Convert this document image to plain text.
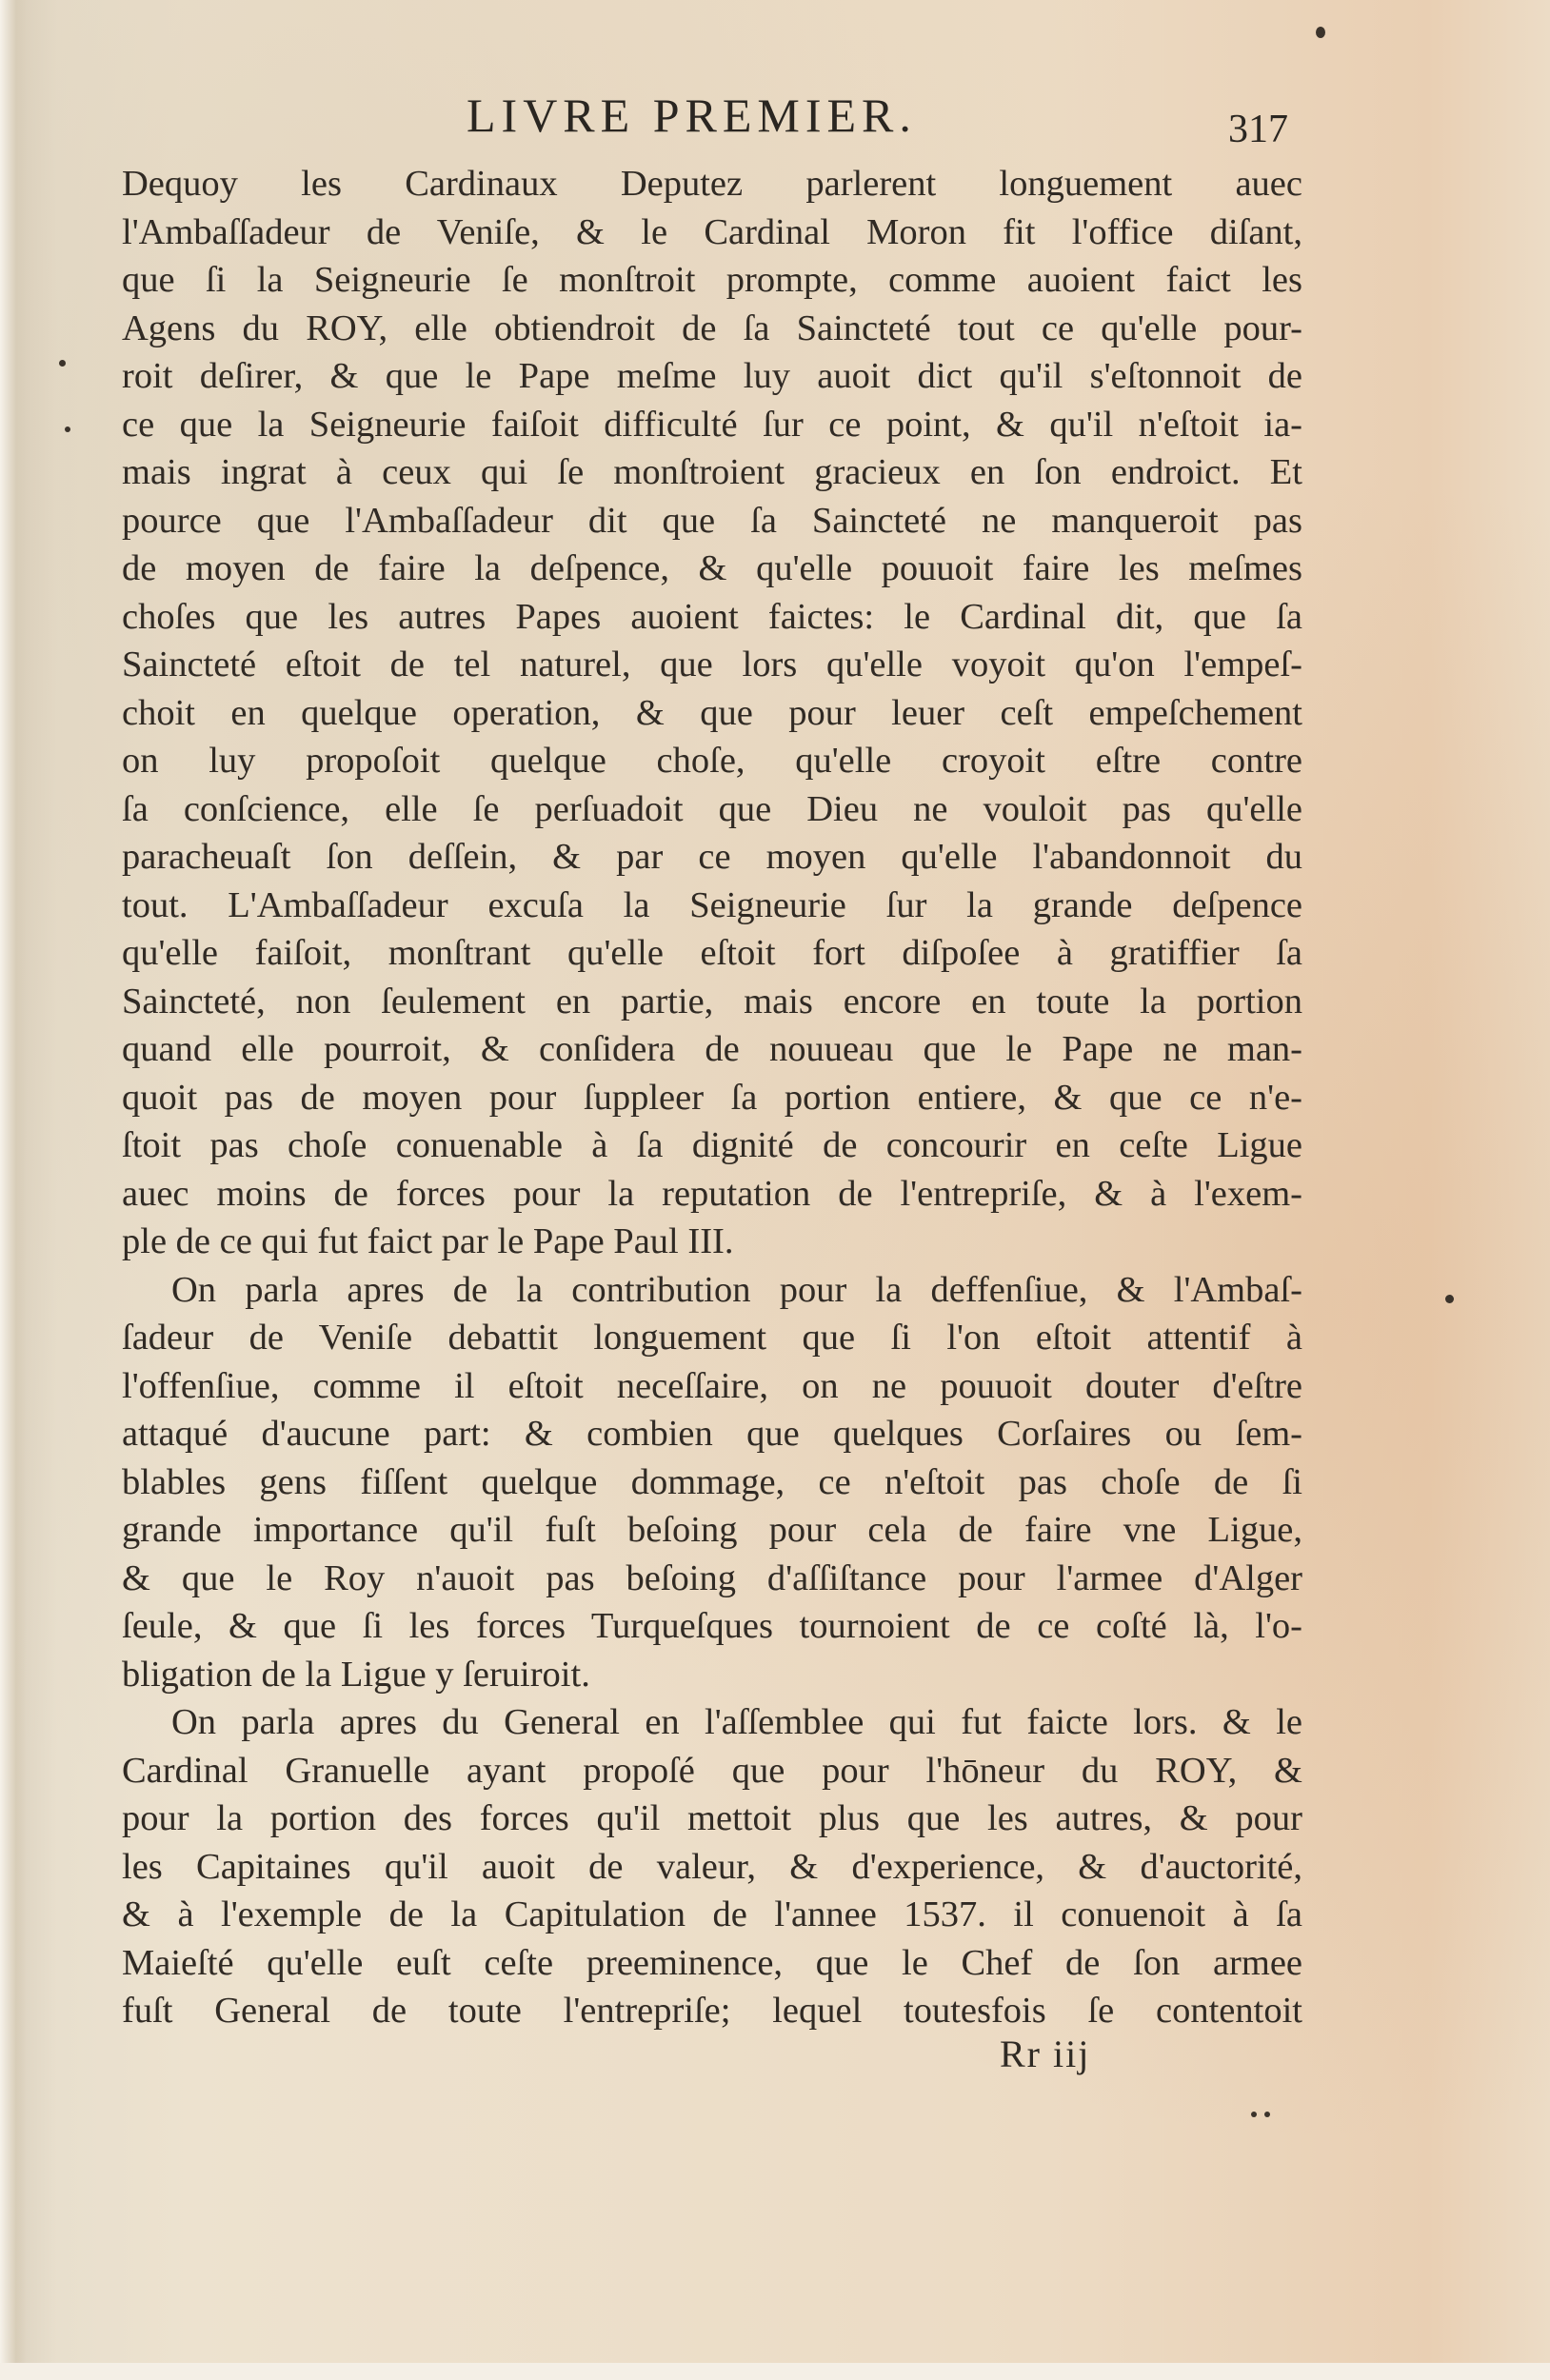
LIVRE PREMIER.	317
Dequoy les Cardinaux Deputez parlerent longuement auec
l'Ambaſſadeur de Veniſe, & le Cardinal Moron fit l'office diſant,
que ſi la Seigneurie ſe monſtroit prompte, comme auoient faict les
Agens du ROY, elle obtiendroit de ſa Saincteté tout ce qu'elle pour-
roit deſirer, & que le Pape meſme luy auoit dict qu'il s'eſtonnoit de
ce que la Seigneurie faiſoit difficulté ſur ce point, & qu'il n'eſtoit ia-
mais ingrat à ceux qui ſe monſtroient gracieux en ſon endroict. Et
pource que l'Ambaſſadeur dit que ſa Saincteté ne manqueroit pas
de moyen de faire la deſpence, & qu'elle pouuoit faire les meſmes
choſes que les autres Papes auoient faictes: le Cardinal dit, que ſa
Saincteté eſtoit de tel naturel, que lors qu'elle voyoit qu'on l'empeſ-
choit en quelque operation, & que pour leuer ceſt empeſchement
on luy propoſoit quelque choſe, qu'elle croyoit eſtre contre
ſa conſcience, elle ſe perſuadoit que Dieu ne vouloit pas qu'elle
paracheuaſt ſon deſſein, & par ce moyen qu'elle l'abandonnoit du
tout. L'Ambaſſadeur excuſa la Seigneurie ſur la grande deſpence
qu'elle faiſoit, monſtrant qu'elle eſtoit fort diſpoſee à gratiffier ſa
Saincteté, non ſeulement en partie, mais encore en toute la portion
quand elle pourroit, & conſidera de nouueau que le Pape ne man-
quoit pas de moyen pour ſuppleer ſa portion entiere, & que ce n'e-
ſtoit pas choſe conuenable à ſa dignité de concourir en ceſte Ligue
auec moins de forces pour la reputation de l'entrepriſe, & à l'exem-
ple de ce qui fut faict par le Pape Paul III.
On parla apres de la contribution pour la deffenſiue, & l'Ambaſ-
ſadeur de Veniſe debattit longuement que ſi l'on eſtoit attentif à
l'offenſiue, comme il eſtoit neceſſaire, on ne pouuoit douter d'eſtre
attaqué d'aucune part: & combien que quelques Corſaires ou ſem-
blables gens fiſſent quelque dommage, ce n'eſtoit pas choſe de ſi
grande importance qu'il fuſt beſoing pour cela de faire vne Ligue,
& que le Roy n'auoit pas beſoing d'aſſiſtance pour l'armee d'Alger
ſeule, & que ſi les forces Turqueſques tournoient de ce coſté là, l'o-
bligation de la Ligue y ſeruiroit.
On parla apres du General en l'aſſemblee qui fut faicte lors. & le
Cardinal Granuelle ayant propoſé que pour l'hōneur du ROY, &
pour la portion des forces qu'il mettoit plus que les autres, & pour
les Capitaines qu'il auoit de valeur, & d'experience, & d'auctorité,
& à l'exemple de la Capitulation de l'annee 1537. il conuenoit à ſa
Maieſté qu'elle euſt ceſte preeminence, que le Chef de ſon armee
fuſt General de toute l'entrepriſe; lequel toutesfois ſe contentoit
Rr iij
